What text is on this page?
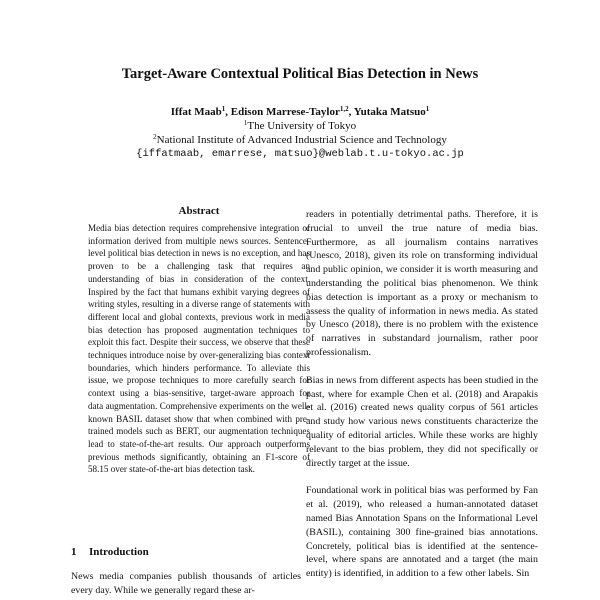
Target-Aware Contextual Political Bias Detection in News
Iffat Maab$^1$, Edison Marrese-Taylor$^{1,2}$, Yutaka Matsuo$^1$
$^1$The University of Tokyo
$^2$National Institute of Advanced Industrial Science and Technology
{iffatmaab, emarrese, matsuo}@weblab.t.u-tokyo.ac.jp
Abstract
Media bias detection requires comprehensive integration of information derived from multiple news sources. Sentence-level political bias detection in news is no exception, and has proven to be a challenging task that requires an understanding of bias in consideration of the context. Inspired by the fact that humans exhibit varying degrees of writing styles, resulting in a diverse range of statements with different local and global contexts, previous work in media bias detection has proposed augmentation techniques to exploit this fact. Despite their success, we observe that these techniques introduce noise by over-generalizing bias context boundaries, which hinders performance. To alleviate this issue, we propose techniques to more carefully search for context using a bias-sensitive, target-aware approach for data augmentation. Comprehensive experiments on the well-known BASIL dataset show that when combined with pre-trained models such as BERT, our augmentation techniques lead to state-of-the-art results. Our approach outperforms previous methods significantly, obtaining an F1-score of 58.15 over state-of-the-art bias detection task.
1 Introduction
News media companies publish thousands of articles every day. While we generally regard these ar-

readers in potentially detrimental paths. Therefore, it is crucial to unveil the true nature of media bias. Furthermore, as all journalism contains narratives (Unesco, 2018), given its role on transforming individual and public opinion, we consider it is worth measuring and understanding the political bias phenomenon. We think bias detection is important as a proxy or mechanism to assess the quality of information in news media. As stated by Unesco (2018), there is no problem with the existence of narratives in substandard journalism, rather poor professionalism.

Bias in news from different aspects has been studied in the past, where for example Chen et al. (2018) and Arapakis et al. (2016) created news quality corpus of 561 articles and study how various news constituents characterize the quality of editorial articles. While these works are highly relevant to the bias problem, they did not specifically or directly target at the issue.

Foundational work in political bias was performed by Fan et al. (2019), who released a human-annotated dataset named Bias Annotation Spans on the Informational Level (BASIL), containing 300 fine-grained bias annotations. Concretely, political bias is identified at the sentence-level, where spans are annotated and a target (the main entity) is identified, in addition to a few other labels. Sin
